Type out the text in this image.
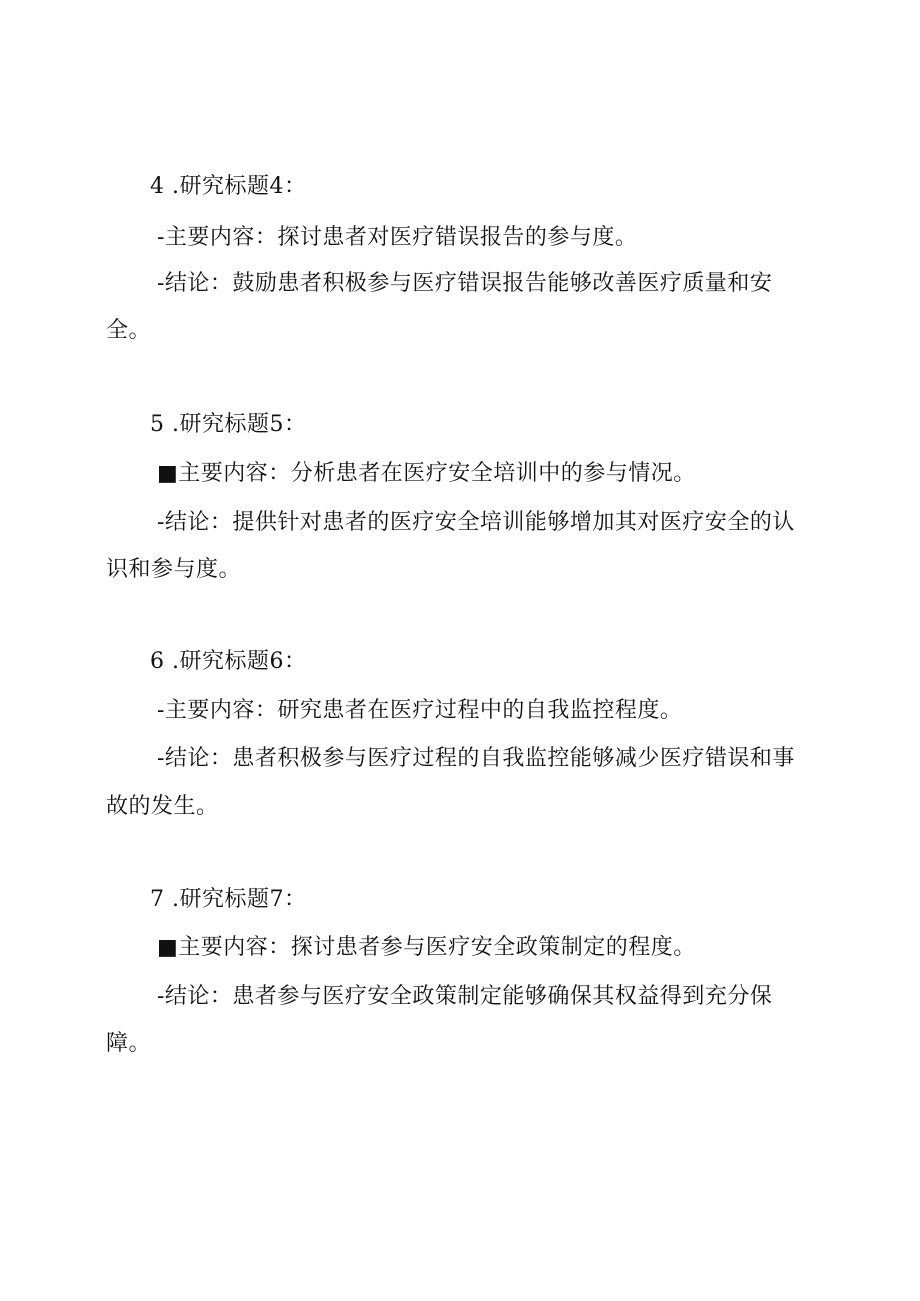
4 .研究标题4：
-主要内容：探讨患者对医疗错误报告的参与度。
-结论：鼓励患者积极参与医疗错误报告能够改善医疗质量和安
全。
5 .研究标题5：
■主要内容：分析患者在医疗安全培训中的参与情况。
-结论：提供针对患者的医疗安全培训能够增加其对医疗安全的认
识和参与度。
6 .研究标题6：
-主要内容：研究患者在医疗过程中的自我监控程度。
-结论：患者积极参与医疗过程的自我监控能够减少医疗错误和事
故的发生。
7 .研究标题7：
■主要内容：探讨患者参与医疗安全政策制定的程度。
-结论：患者参与医疗安全政策制定能够确保其权益得到充分保
障。
